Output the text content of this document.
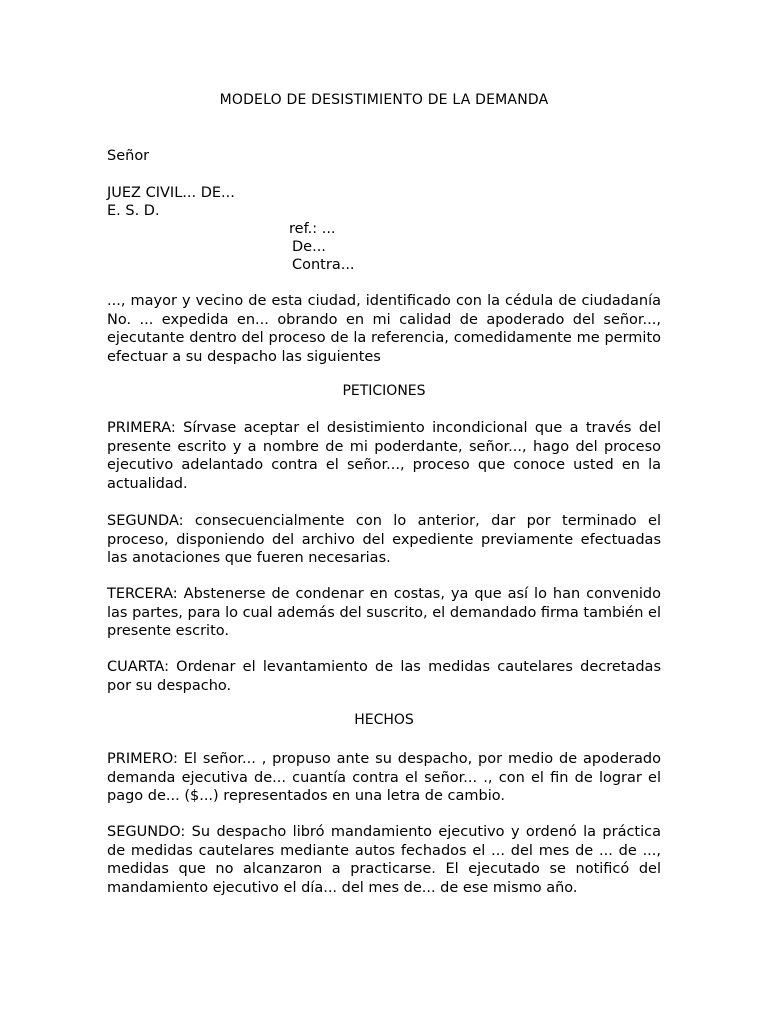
MODELO DE DESISTIMIENTO DE LA DEMANDA
Señor
JUEZ CIVIL... DE...
E. S. D.
ref.: ...
De...
Contra...
..., mayor y vecino de esta ciudad, identificado con la cédula de ciudadanía No. ... expedida en... obrando en mi calidad de apoderado del señor..., ejecutante dentro del proceso de la referencia, comedidamente me permito efectuar a su despacho las siguientes
PETICIONES
PRIMERA: Sírvase aceptar el desistimiento incondicional que a través del presente escrito y a nombre de mi poderdante, señor..., hago del proceso ejecutivo adelantado contra el señor..., proceso que conoce usted en la actualidad.
SEGUNDA: consecuencialmente con lo anterior, dar por terminado el proceso, disponiendo del archivo del expediente previamente efectuadas las anotaciones que fueren necesarias.
TERCERA: Abstenerse de condenar en costas, ya que así lo han convenido las partes, para lo cual además del suscrito, el demandado firma también el presente escrito.
CUARTA: Ordenar el levantamiento de las medidas cautelares decretadas por su despacho.
HECHOS
PRIMERO: El señor... , propuso ante su despacho, por medio de apoderado demanda ejecutiva de... cuantía contra el señor... ., con el fin de lograr el pago de... ($...) representados en una letra de cambio.
SEGUNDO: Su despacho libró mandamiento ejecutivo y ordenó la práctica de medidas cautelares mediante autos fechados el ... del mes de ... de ..., medidas que no alcanzaron a practicarse. El ejecutado se notificó del mandamiento ejecutivo el día... del mes de... de ese mismo año.
